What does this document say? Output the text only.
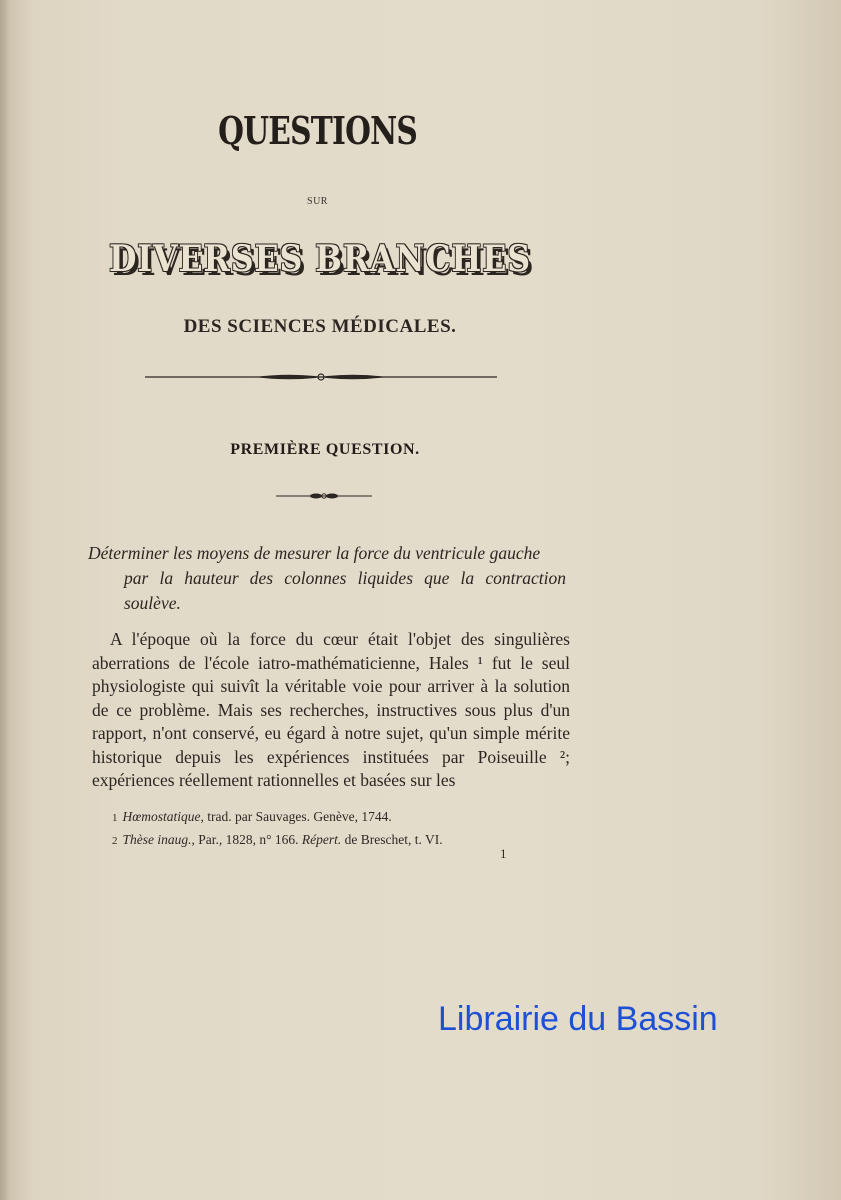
QUESTIONS
SUR
DIVERSES BRANCHES
DES SCIENCES MÉDICALES.
PREMIÈRE QUESTION.
Déterminer les moyens de mesurer la force du ventricule gauche
par la hauteur des colonnes liquides que la contraction soulève.
A l'époque où la force du cœur était l'objet des singulières aberrations de l'école iatro-mathématicienne, Hales ¹ fut le seul physiologiste qui suivît la véritable voie pour arriver à la solution de ce problème. Mais ses recherches, instructives sous plus d'un rapport, n'ont conservé, eu égard à notre sujet, qu'un simple mérite historique depuis les expériences instituées par Poiseuille ²; expériences réellement rationnelles et basées sur les
1 Hœmostatique, trad. par Sauvages. Genève, 1744.
2 Thèse inaug., Par., 1828, n° 166. Répert. de Breschet, t. VI.
1
Librairie du Bassin
